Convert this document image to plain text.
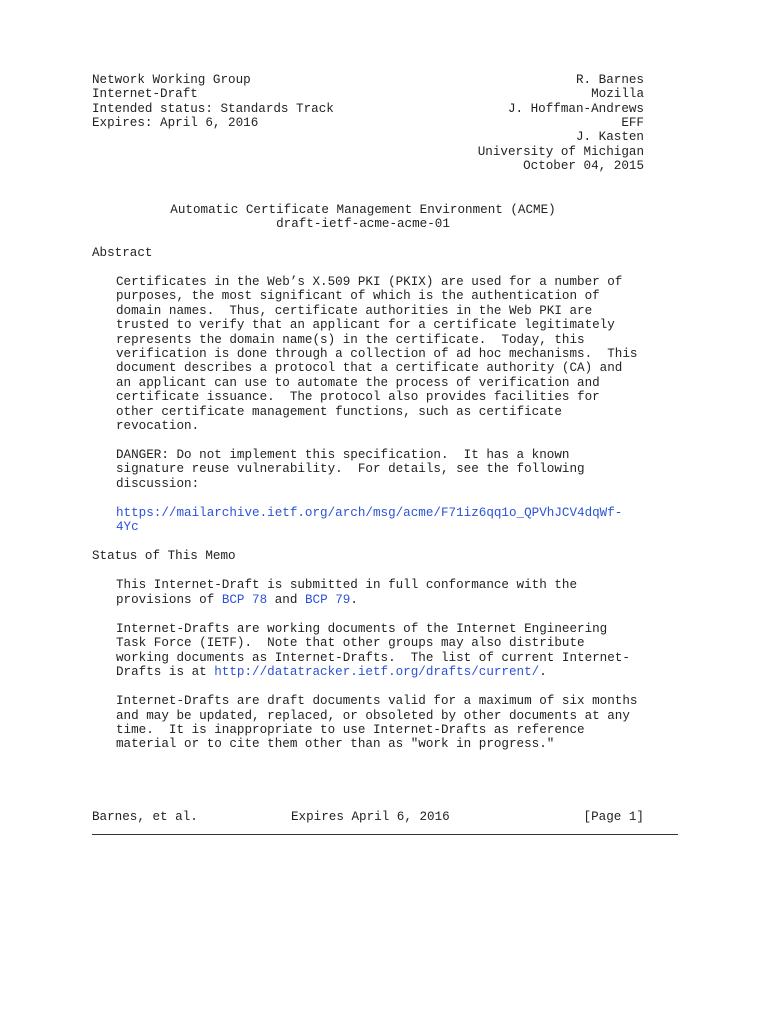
Network Working Group
Internet-Draft
Intended status: Standards Track
Expires: April 6, 2016
R. Barnes
Mozilla
J. Hoffman-Andrews
EFF
J. Kasten
University of Michigan
October 04, 2015
Automatic Certificate Management Environment (ACME)
draft-ietf-acme-acme-01
Abstract
Certificates in the Web’s X.509 PKI (PKIX) are used for a number of
purposes, the most significant of which is the authentication of
domain names.  Thus, certificate authorities in the Web PKI are
trusted to verify that an applicant for a certificate legitimately
represents the domain name(s) in the certificate.  Today, this
verification is done through a collection of ad hoc mechanisms.  This
document describes a protocol that a certificate authority (CA) and
an applicant can use to automate the process of verification and
certificate issuance.  The protocol also provides facilities for
other certificate management functions, such as certificate
revocation.
DANGER: Do not implement this specification.  It has a known
signature reuse vulnerability.  For details, see the following
discussion:
https://mailarchive.ietf.org/arch/msg/acme/F71iz6qq1o_QPVhJCV4dqWf-
4Yc
Status of This Memo
This Internet-Draft is submitted in full conformance with the
provisions of BCP 78 and BCP 79.
Internet-Drafts are working documents of the Internet Engineering
Task Force (IETF).  Note that other groups may also distribute
working documents as Internet-Drafts.  The list of current Internet-
Drafts is at http://datatracker.ietf.org/drafts/current/.
Internet-Drafts are draft documents valid for a maximum of six months
and may be updated, replaced, or obsoleted by other documents at any
time.  It is inappropriate to use Internet-Drafts as reference
material or to cite them other than as "work in progress."
Barnes, et al.	Expires April 6, 2016	[Page 1]
